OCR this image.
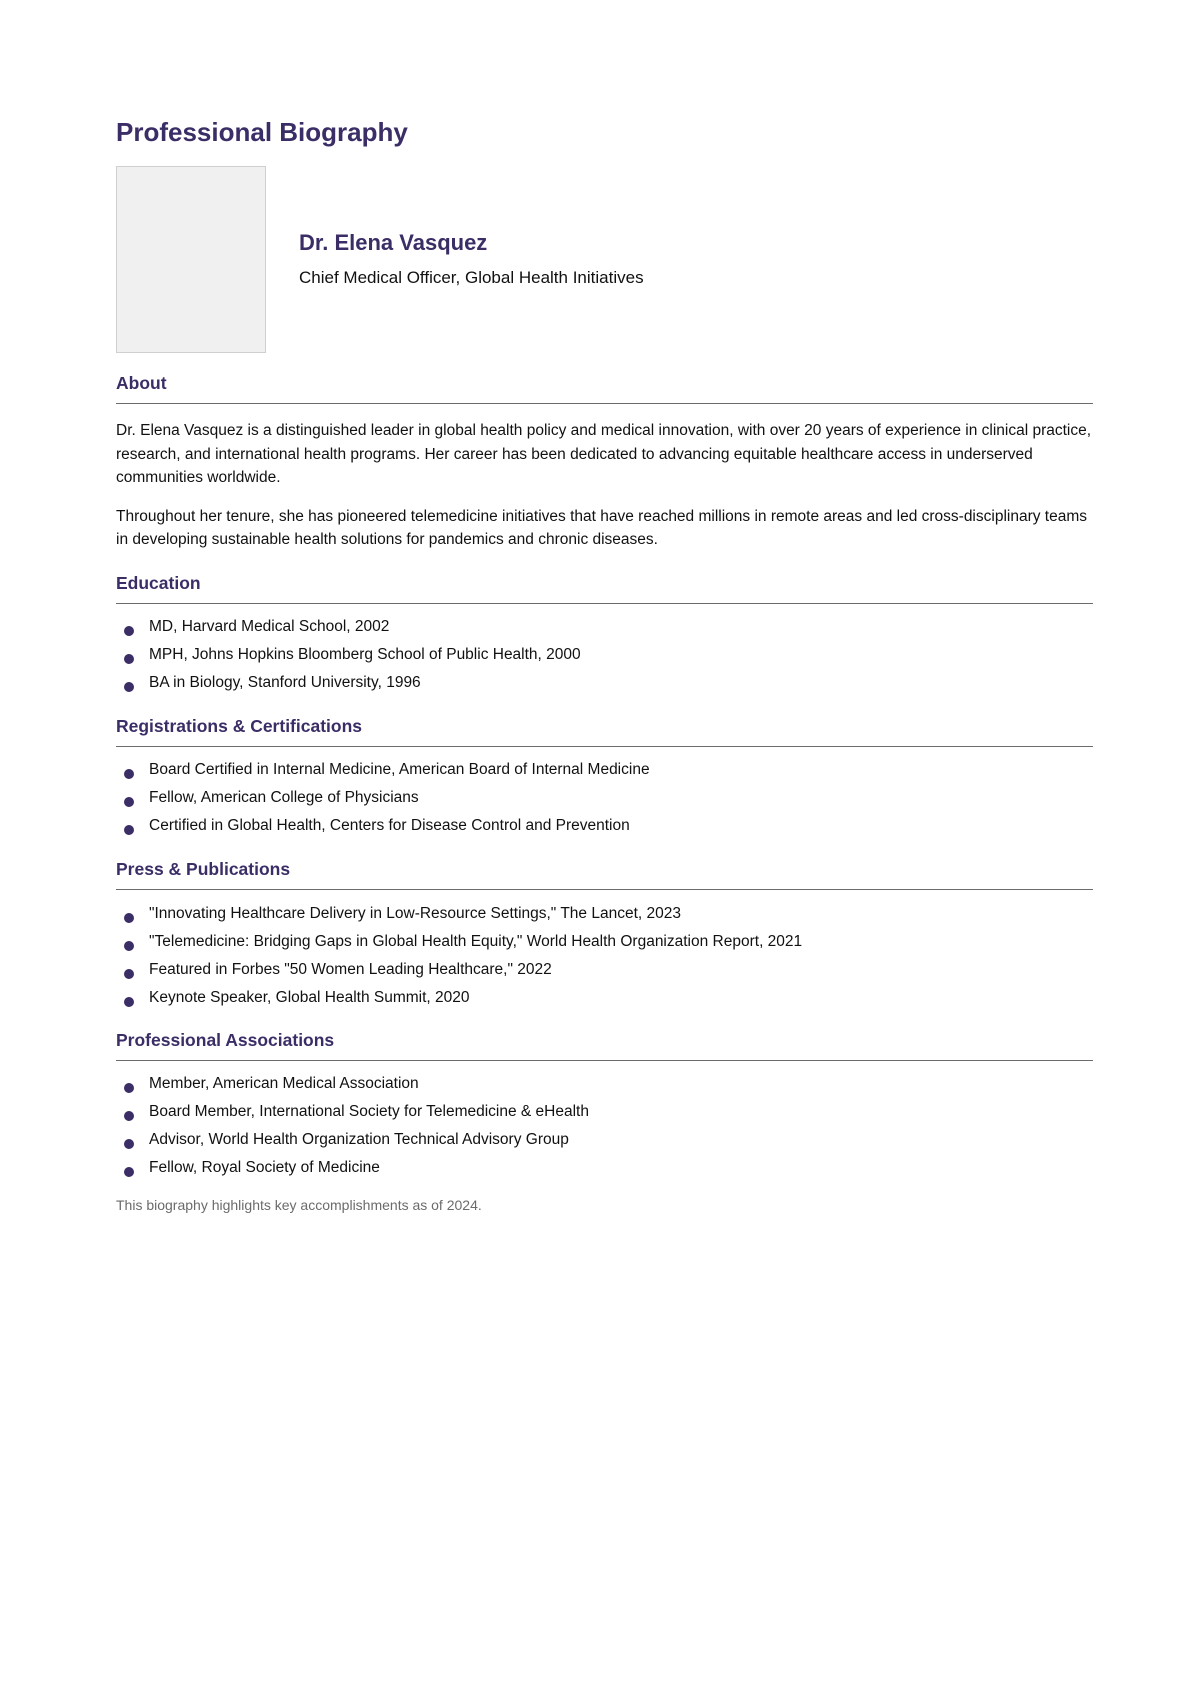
Professional Biography
Dr. Elena Vasquez

Chief Medical Officer, Global Health Initiatives

About

Dr. Elena Vasquez is a distinguished leader in global health policy and medical innovation, with over 20 years of experience in clinical practice, research, and international health programs. Her career has been dedicated to advancing equitable healthcare access in underserved communities worldwide.

Throughout her tenure, she has pioneered telemedicine initiatives that have reached millions in remote areas and led cross-disciplinary teams in developing sustainable health solutions for pandemics and chronic diseases.

Education
MD, Harvard Medical School, 2002
MPH, Johns Hopkins Bloomberg School of Public Health, 2000
BA in Biology, Stanford University, 1996
Registrations & Certifications
Board Certified in Internal Medicine, American Board of Internal Medicine
Fellow, American College of Physicians
Certified in Global Health, Centers for Disease Control and Prevention
Press & Publications
"Innovating Healthcare Delivery in Low-Resource Settings," The Lancet, 2023
"Telemedicine: Bridging Gaps in Global Health Equity," World Health Organization Report, 2021
Featured in Forbes "50 Women Leading Healthcare," 2022
Keynote Speaker, Global Health Summit, 2020
Professional Associations
Member, American Medical Association
Board Member, International Society for Telemedicine & eHealth
Advisor, World Health Organization Technical Advisory Group
Fellow, Royal Society of Medicine

This biography highlights key accomplishments as of 2024.
